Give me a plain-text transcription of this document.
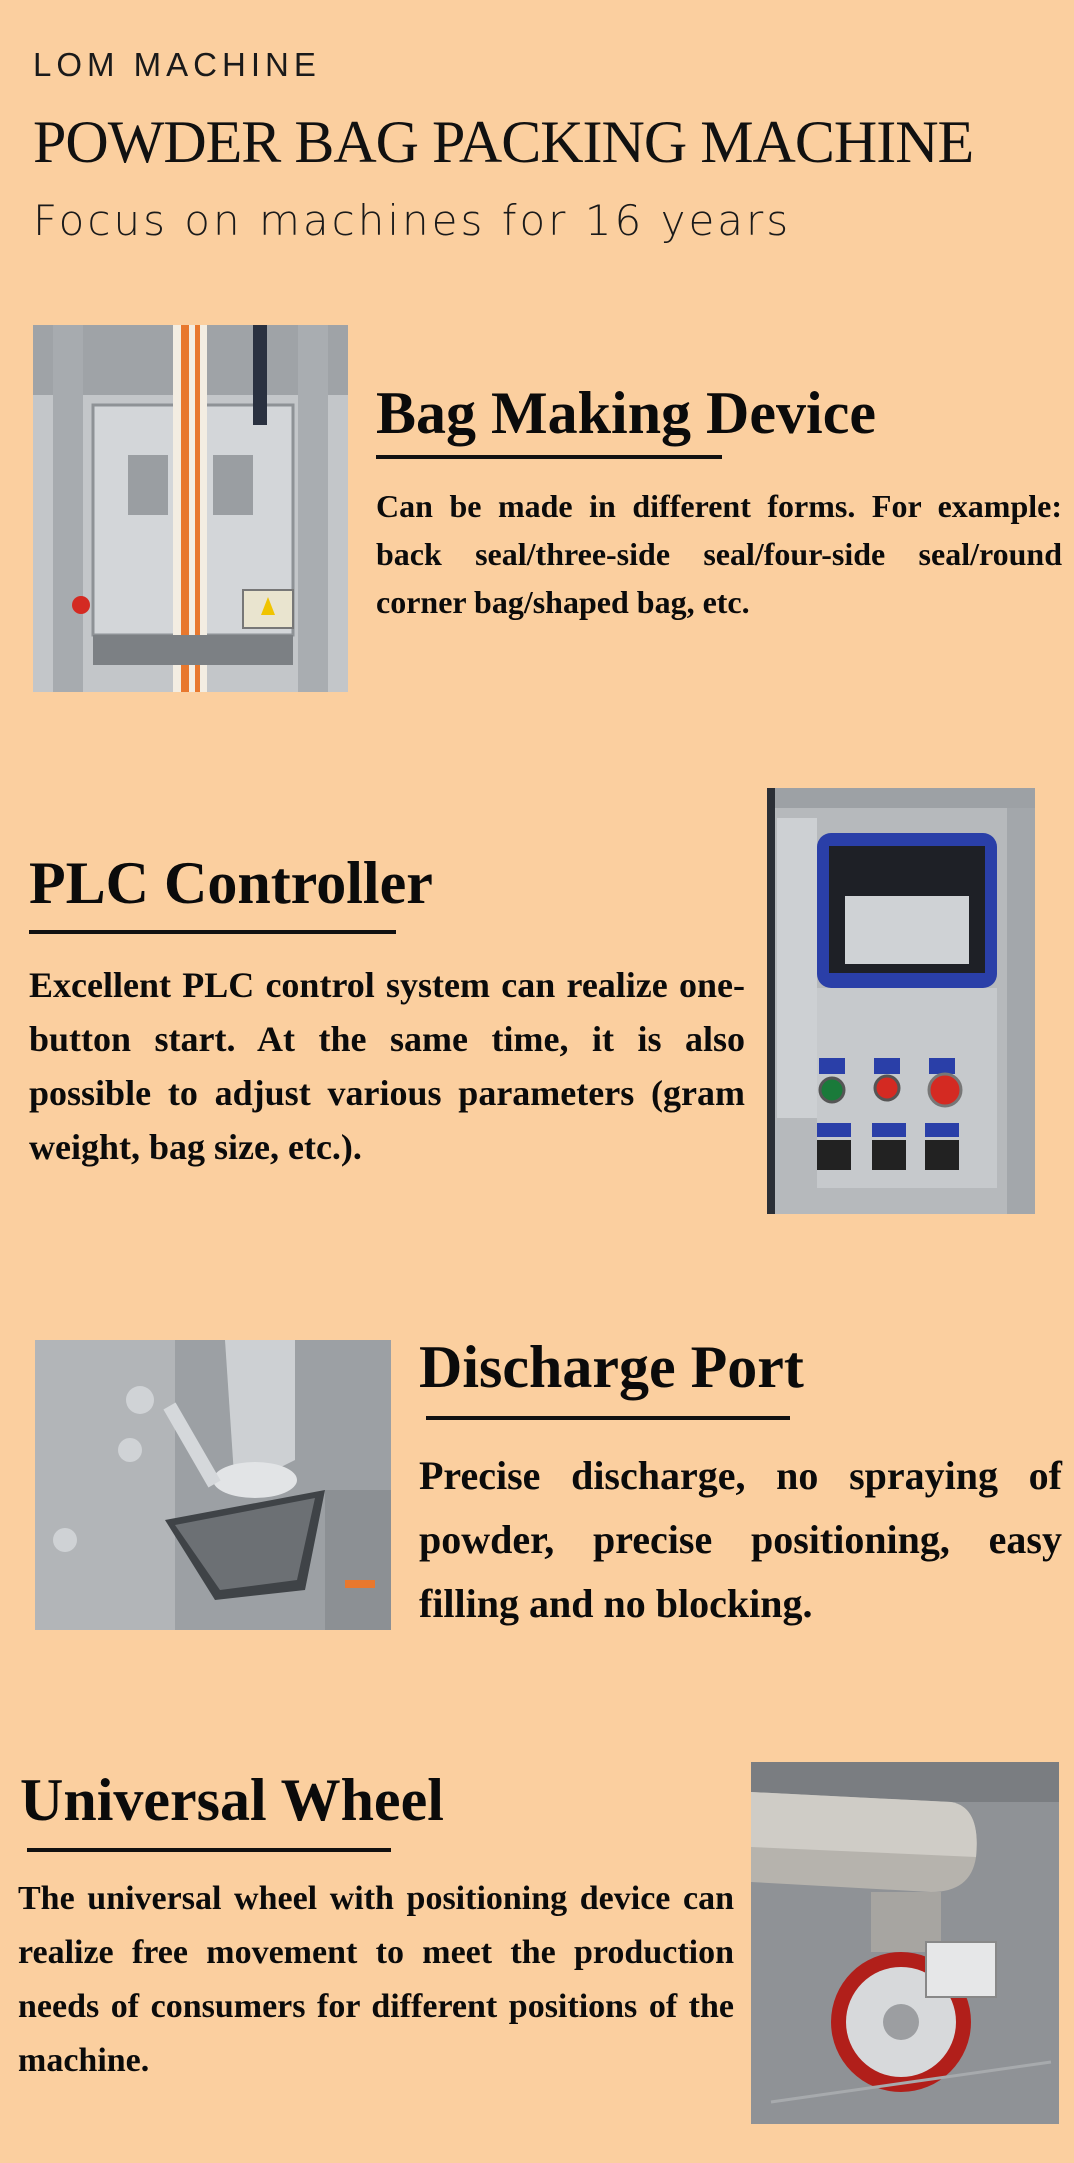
LOM MACHINE
POWDER BAG PACKING MACHINE
Focus on machines for 16 years
Bag Making Device
Can be made in different forms. For example: back seal/three-side seal/four-side seal/round corner bag/shaped bag, etc.
PLC Controller
Excellent PLC control system can realize one-button start. At the same time, it is also possible to adjust various parameters (gram weight, bag size, etc.).
Discharge Port
Precise discharge, no spraying of powder, precise positioning, easy filling and no blocking.
Universal Wheel
The universal wheel with positioning device can realize free movement to meet the production needs of consumers for different positions of the machine.
